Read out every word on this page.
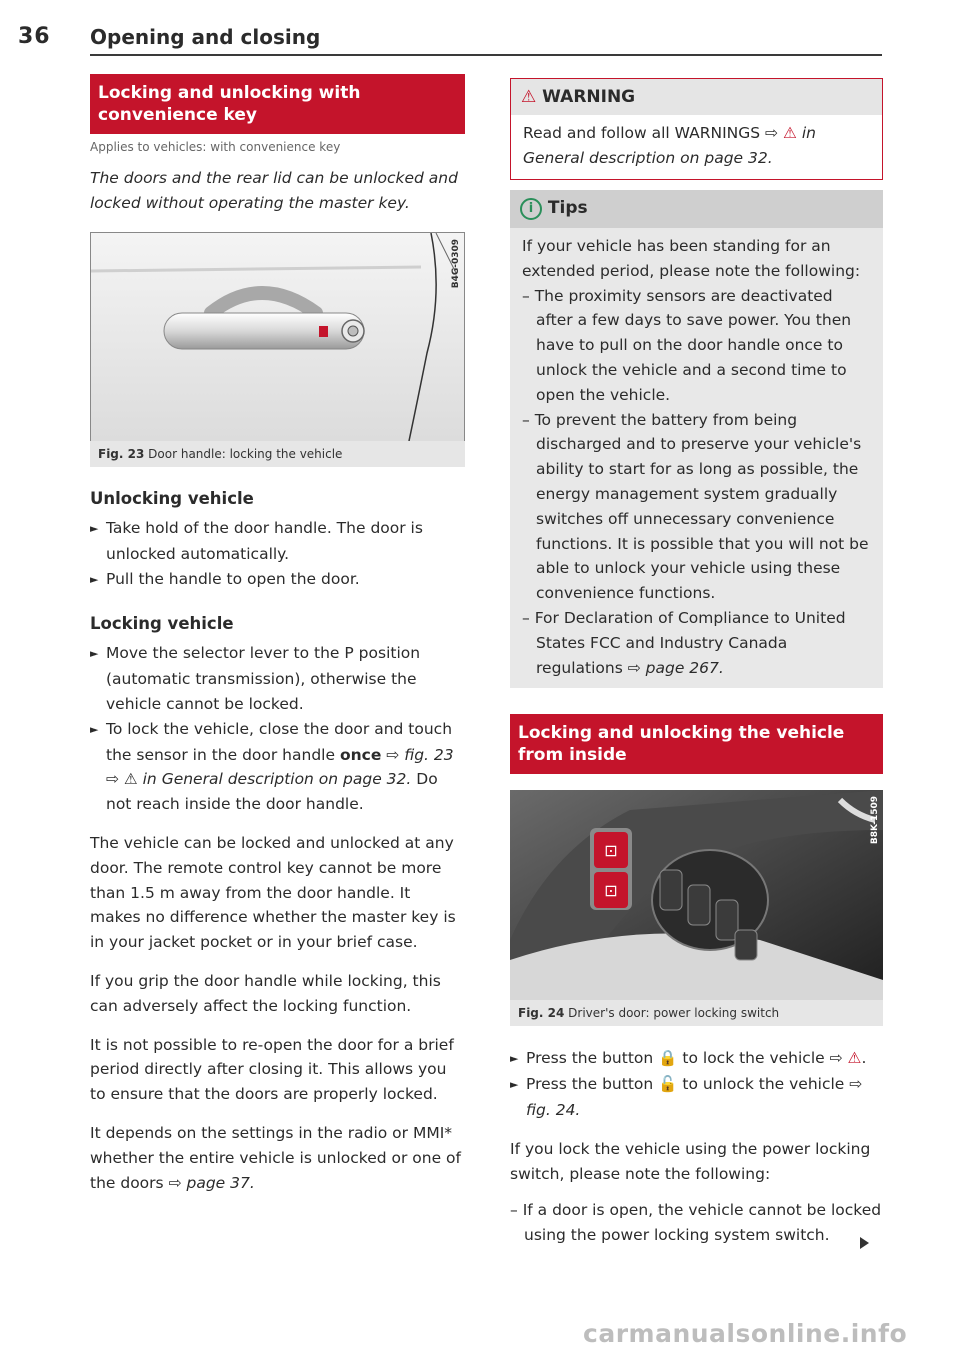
36 Opening and closing
Locking and unlocking with convenience key
Applies to vehicles: with convenience key
The doors and the rear lid can be unlocked and locked without operating the master key.
B4G-0309
Fig. 23 Door handle: locking the vehicle
Unlocking vehicle
► Take hold of the door handle. The door is unlocked automatically.
► Pull the handle to open the door.
Locking vehicle
► Move the selector lever to the P position (automatic transmission), otherwise the vehicle cannot be locked.
► To lock the vehicle, close the door and touch the sensor in the door handle once ⇨ fig. 23 ⇨ ⚠ in General description on page 32. Do not reach inside the door handle.
The vehicle can be locked and unlocked at any door. The remote control key cannot be more than 1.5 m away from the door handle. It makes no difference whether the master key is in your jacket pocket or in your brief case.
If you grip the door handle while locking, this can adversely affect the locking function.
It is not possible to re-open the door for a brief period directly after closing it. This allows you to ensure that the doors are properly locked.
It depends on the settings in the radio or MMI* whether the entire vehicle is unlocked or one of the doors ⇨ page 37.
⚠ WARNING
Read and follow all WARNINGS ⇨ ⚠ in General description on page 32.
i Tips
If your vehicle has been standing for an extended period, please note the following:
– The proximity sensors are deactivated after a few days to save power. You then have to pull on the door handle once to unlock the vehicle and a second time to open the vehicle.
– To prevent the battery from being discharged and to preserve your vehicle's ability to start for as long as possible, the energy management system gradually switches off unnecessary convenience functions. It is possible that you will not be able to unlock your vehicle using these convenience functions.
– For Declaration of Compliance to United States FCC and Industry Canada regulations ⇨ page 267.
Locking and unlocking the vehicle from inside
⊡
⊡
B8K-1509
Fig. 24 Driver's door: power locking switch
► Press the button 🔒 to lock the vehicle ⇨ ⚠.
► Press the button 🔓 to unlock the vehicle ⇨ fig. 24.
If you lock the vehicle using the power locking switch, please note the following:
– If a door is open, the vehicle cannot be locked using the power locking system switch.
carmanualsonline.info
